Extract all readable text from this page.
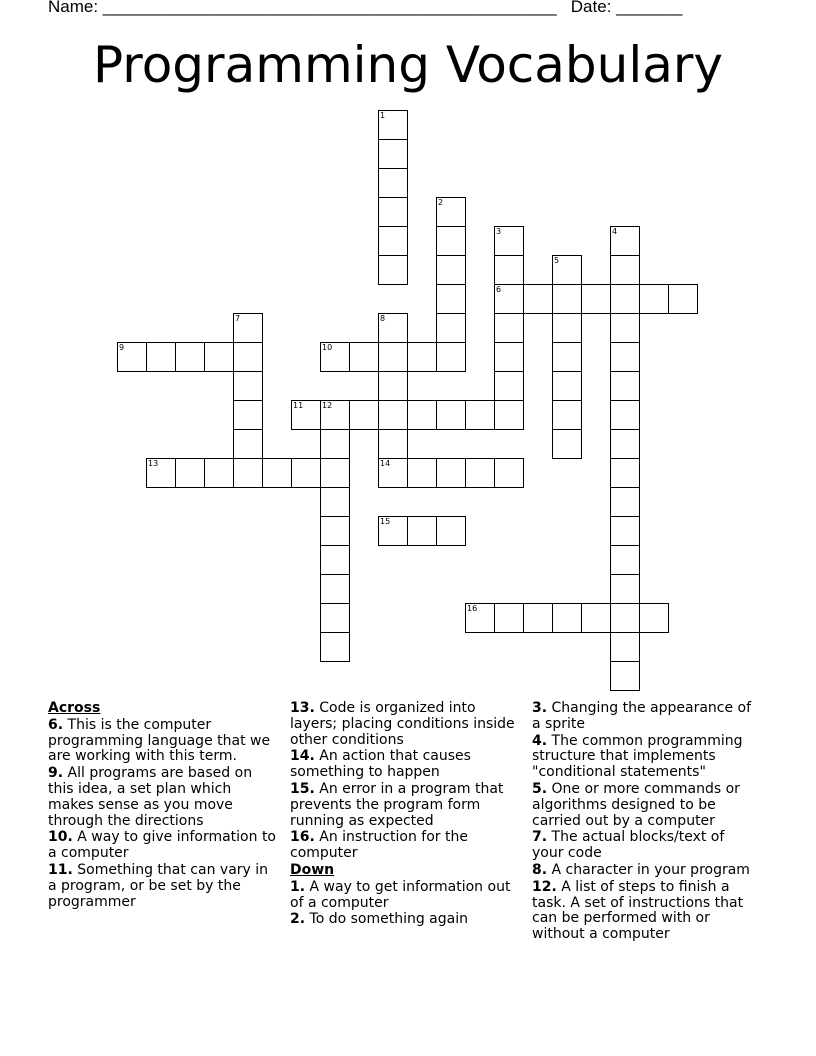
Name: ________________________________________________   Date: _______
Programming Vocabulary
1
2
3
6
4
5
7	8
14
9	10
11 12
13
15
16
Across
6. This is the computer programming language that we are working with this term.
9. All programs are based on this idea, a set plan which makes sense as you move through the directions
10. A way to give information to a computer
11. Something that can vary in a program, or be set by the programmer
13. Code is organized into layers; placing conditions inside other conditions
14. An action that causes something to happen
15. An error in a program that prevents the program form running as expected
16. An instruction for the computer
Down
1. A way to get information out of a computer
2. To do something again
3. Changing the appearance of a sprite
4. The common programming structure that implements "conditional statements"
5. One or more commands or algorithms designed to be carried out by a computer
7. The actual blocks/text of your code
8. A character in your program
12. A list of steps to finish a task. A set of instructions that can be performed with or without a computer
